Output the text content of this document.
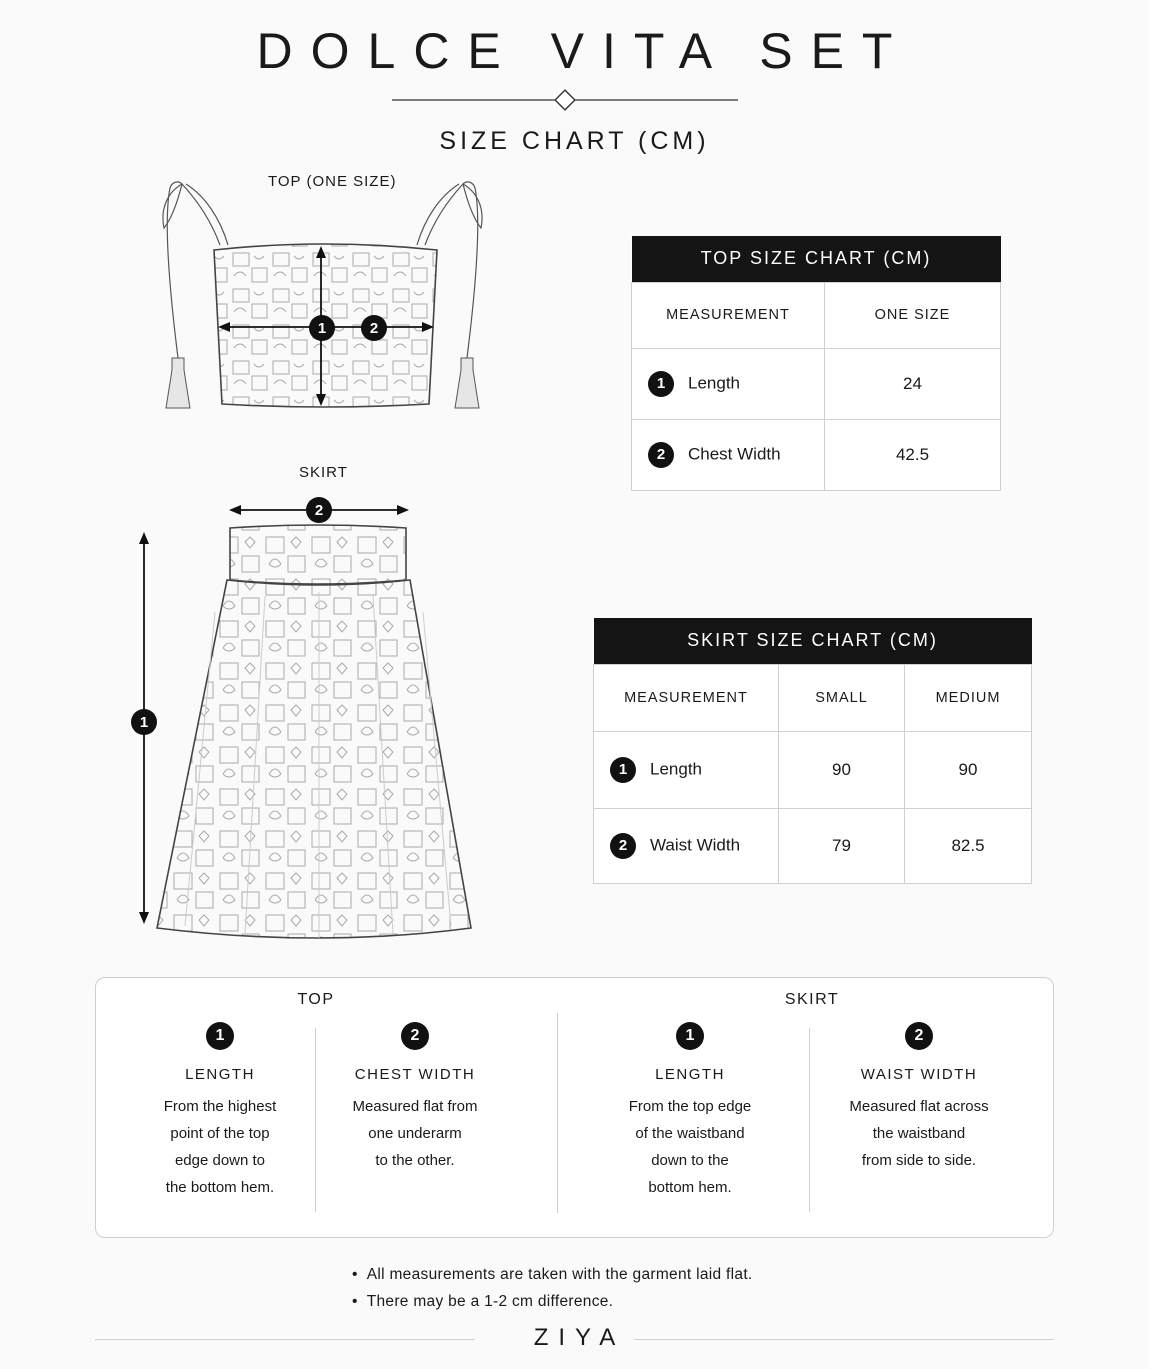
DOLCE VITA SET
SIZE CHART (CM)
TOP (ONE SIZE)
1	2
SKIRT
2
1
TOP SIZE CHART (CM)	
MEASUREMENT	ONE SIZE
1 Length	24
2 Chest Width	42.5
SKIRT SIZE CHART (CM)		
MEASUREMENT	SMALL	MEDIUM
1 Length	90	90
2 Waist Width	79	82.5
TOP	SKIRT
1
LENGTH
From the highest
point of the top
edge down to
the bottom hem.
2
CHEST WIDTH
Measured flat from
one underarm
to the other.
1
LENGTH
From the top edge
of the waistband
down to the
bottom hem.
2
WAIST WIDTH
Measured flat across
the waistband
from side to side.
• All measurements are taken with the garment laid flat.
• There may be a 1-2 cm difference.
ZIYA
